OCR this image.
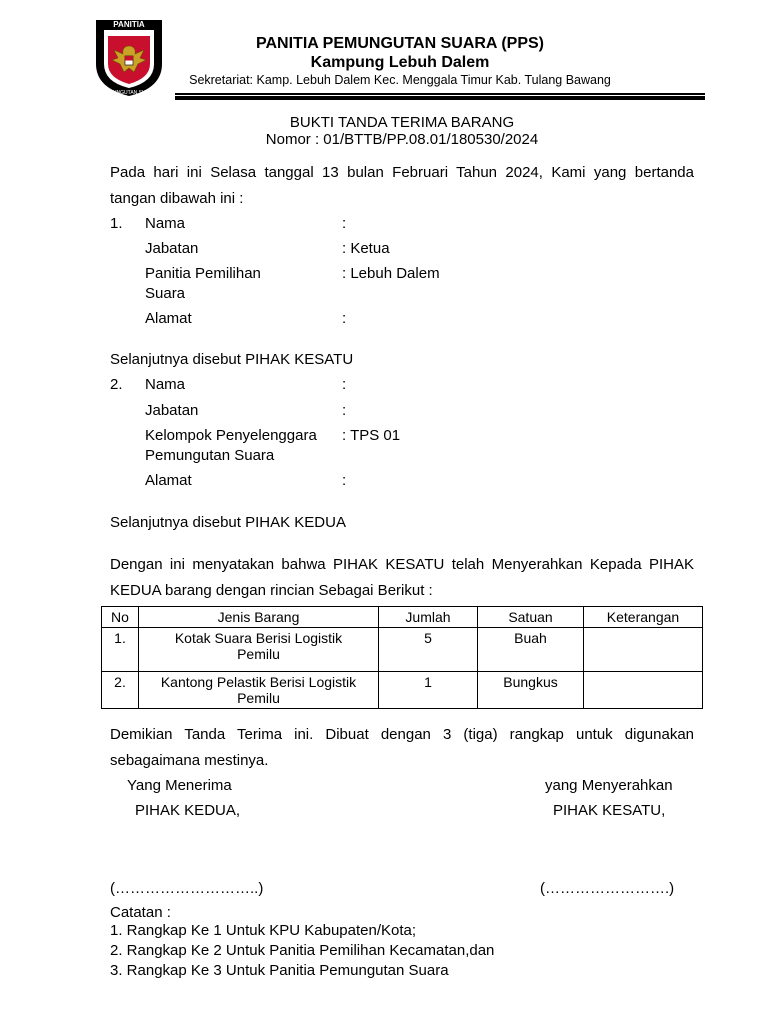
PANITIA
PEMUNGUTAN SUARA
PANITIA PEMUNGUTAN SUARA (PPS)
Kampung Lebuh Dalem
Sekretariat: Kamp. Lebuh Dalem Kec. Menggala Timur Kab. Tulang Bawang
BUKTI TANDA TERIMA BARANG
Nomor : 01/BTTB/PP.08.01/180530/2024
Pada hari ini Selasa tanggal 13 bulan Februari Tahun 2024, Kami yang bertanda
tangan dibawah ini :
1. Nama	:
Jabatan	: Ketua
Panitia Pemilihan
Suara
: Lebuh Dalem
Alamat	:
Selanjutnya disebut PIHAK KESATU
2. Nama	:
Jabatan	:
Kelompok Penyelenggara
Pemungutan Suara
: TPS 01
Alamat	:
Selanjutnya disebut PIHAK KEDUA
Dengan ini menyatakan bahwa PIHAK KESATU telah Menyerahkan Kepada PIHAK
KEDUA barang dengan rincian Sebagai Berikut :
No	Jenis Barang	Jumlah	Satuan	Keterangan
1.	Kotak Suara Berisi Logistik
Pemilu	5	Buah	
2.	Kantong Pelastik Berisi Logistik
Pemilu	1	Bungkus	
Demikian Tanda Terima ini. Dibuat dengan 3 (tiga) rangkap untuk digunakan
sebagaimana mestinya.
Yang Menerima
PIHAK KEDUA,
(………………………..)
yang Menyerahkan
PIHAK KESATU,
(…………………….)
Catatan :
1. Rangkap Ke 1 Untuk KPU Kabupaten/Kota;
2. Rangkap Ke 2 Untuk Panitia Pemilihan Kecamatan,dan
3. Rangkap Ke 3 Untuk Panitia Pemungutan Suara
